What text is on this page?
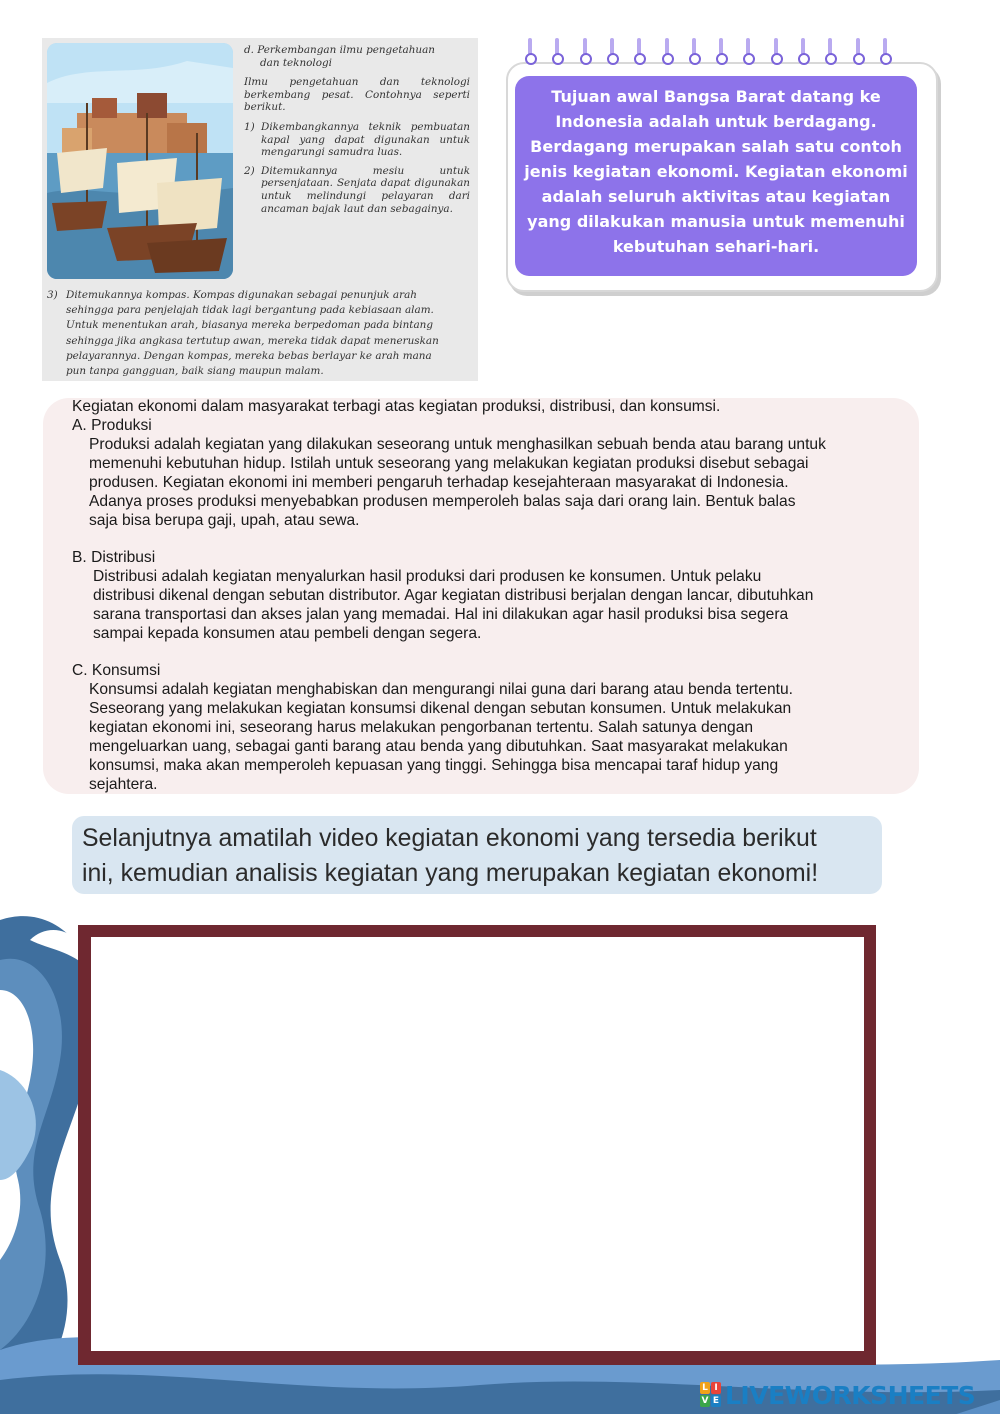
d. Perkembangan ilmu pengetahuan
dan teknologi

Ilmu pengetahuan dan teknologi berkembang pesat. Contohnya seperti berikut.

1) Dikembangkannya teknik pembuatan kapal yang dapat digunakan untuk mengarungi samudra luas.
2) Ditemukannya mesiu untuk persenjataan. Senjata dapat digunakan untuk melindungi pelayaran dari ancaman bajak laut dan sebagainya.
3) Ditemukannya kompas. Kompas digunakan sebagai penunjuk arah
sehingga para penjelajah tidak lagi bergantung pada kebiasaan alam.
Untuk menentukan arah, biasanya mereka berpedoman pada bintang
sehingga jika angkasa tertutup awan, mereka tidak dapat meneruskan
pelayarannya. Dengan kompas, mereka bebas berlayar ke arah mana
pun tanpa gangguan, baik siang maupun malam.
Tujuan awal Bangsa Barat datang ke
Indonesia adalah untuk berdagang.
Berdagang merupakan salah satu contoh
jenis kegiatan ekonomi. Kegiatan ekonomi
adalah seluruh aktivitas atau kegiatan
yang dilakukan manusia untuk memenuhi
kebutuhan sehari-hari.

Kegiatan ekonomi dalam masyarakat terbagi atas kegiatan produksi, distribusi, dan konsumsi.

A. Produksi

Produksi adalah kegiatan yang dilakukan seseorang untuk menghasilkan sebuah benda atau barang untuk
memenuhi kebutuhan hidup. Istilah untuk seseorang yang melakukan kegiatan produksi disebut sebagai
produsen. Kegiatan ekonomi ini memberi pengaruh terhadap kesejahteraan masyarakat di Indonesia.
Adanya proses produksi menyebabkan produsen memperoleh balas saja dari orang lain. Bentuk balas
saja bisa berupa gaji, upah, atau sewa.

B. Distribusi

Distribusi adalah kegiatan menyalurkan hasil produksi dari produsen ke konsumen. Untuk pelaku
distribusi dikenal dengan sebutan distributor. Agar kegiatan distribusi berjalan dengan lancar, dibutuhkan
sarana transportasi dan akses jalan yang memadai. Hal ini dilakukan agar hasil produksi bisa segera
sampai kepada konsumen atau pembeli dengan segera.

C. Konsumsi

Konsumsi adalah kegiatan menghabiskan dan mengurangi nilai guna dari barang atau benda tertentu.
Seseorang yang melakukan kegiatan konsumsi dikenal dengan sebutan konsumen. Untuk melakukan
kegiatan ekonomi ini, seseorang harus melakukan pengorbanan tertentu. Salah satunya dengan
mengeluarkan uang, sebagai ganti barang atau benda yang dibutuhkan. Saat masyarakat melakukan
konsumsi, maka akan memperoleh kepuasan yang tinggi. Sehingga bisa mencapai taraf hidup yang
sejahtera.
Selanjutnya amatilah video kegiatan ekonomi yang tersedia berikut
ini, kemudian analisis kegiatan yang merupakan kegiatan ekonomi!
L I
V E LIVEWORKSHEETS
